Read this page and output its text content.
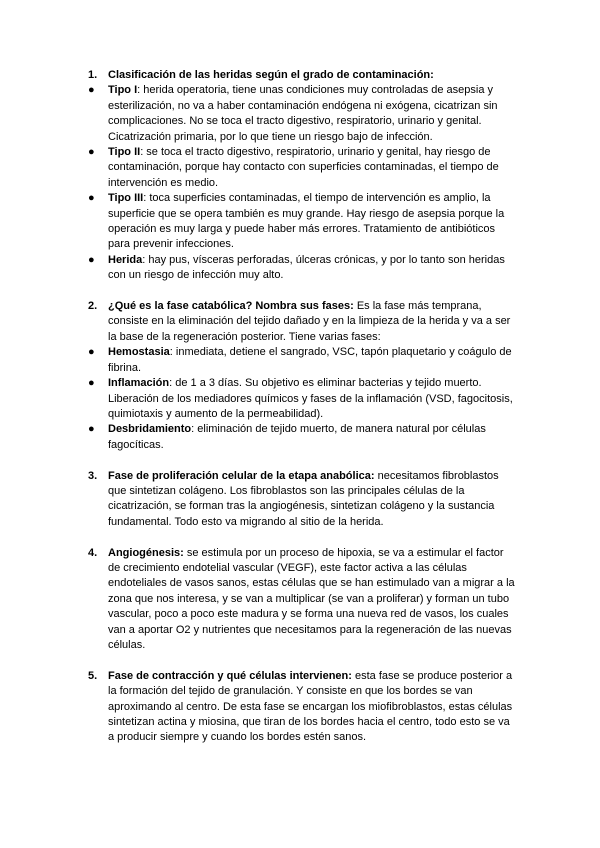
1. Clasificación de las heridas según el grado de contaminación:

● Tipo I: herida operatoria, tiene unas condiciones muy controladas de asepsia y esterilización, no va a haber contaminación endógena ni exógena, cicatrizan sin complicaciones. No se toca el tracto digestivo, respiratorio, urinario y genital. Cicatrización primaria, por lo que tiene un riesgo bajo de infección.
● Tipo II: se toca el tracto digestivo, respiratorio, urinario y genital, hay riesgo de contaminación, porque hay contacto con superficies contaminadas, el tiempo de intervención es medio.
● Tipo III: toca superficies contaminadas, el tiempo de intervención es amplio, la superficie que se opera también es muy grande. Hay riesgo de asepsia porque la operación es muy larga y puede haber más errores. Tratamiento de antibióticos para prevenir infecciones.
● Herida: hay pus, vísceras perforadas, úlceras crónicas, y por lo tanto son heridas con un riesgo de infección muy alto.
2. ¿Qué es la fase catabólica? Nombra sus fases: Es la fase más temprana, consiste en la eliminación del tejido dañado y en la limpieza de la herida y va a ser la base de la regeneración posterior. Tiene varias fases:

● Hemostasia: inmediata, detiene el sangrado, VSC, tapón plaquetario y coágulo de fibrina.
● Inflamación: de 1 a 3 días. Su objetivo es eliminar bacterias y tejido muerto. Liberación de los mediadores químicos y fases de la inflamación (VSD, fagocitosis, quimiotaxis y aumento de la permeabilidad).
● Desbridamiento: eliminación de tejido muerto, de manera natural por células fagocíticas.
3. Fase de proliferación celular de la etapa anabólica: necesitamos fibroblastos que sintetizan colágeno. Los fibroblastos son las principales células de la cicatrización, se forman tras la angiogénesis, sintetizan colágeno y la sustancia fundamental. Todo esto va migrando al sitio de la herida.

4. Angiogénesis: se estimula por un proceso de hipoxia, se va a estimular el factor de crecimiento endotelial vascular (VEGF), este factor activa a las células endoteliales de vasos sanos, estas células que se han estimulado van a migrar a la zona que nos interesa, y se van a multiplicar (se van a proliferar) y forman un tubo vascular, poco a poco este madura y se forma una nueva red de vasos, los cuales van a aportar O2 y nutrientes que necesitamos para la regeneración de las nuevas células.

5. Fase de contracción y qué células intervienen: esta fase se produce posterior a la formación del tejido de granulación. Y consiste en que los bordes se van aproximando al centro. De esta fase se encargan los miofibroblastos, estas células sintetizan actina y miosina, que tiran de los bordes hacia el centro, todo esto se va a producir siempre y cuando los bordes estén sanos.
